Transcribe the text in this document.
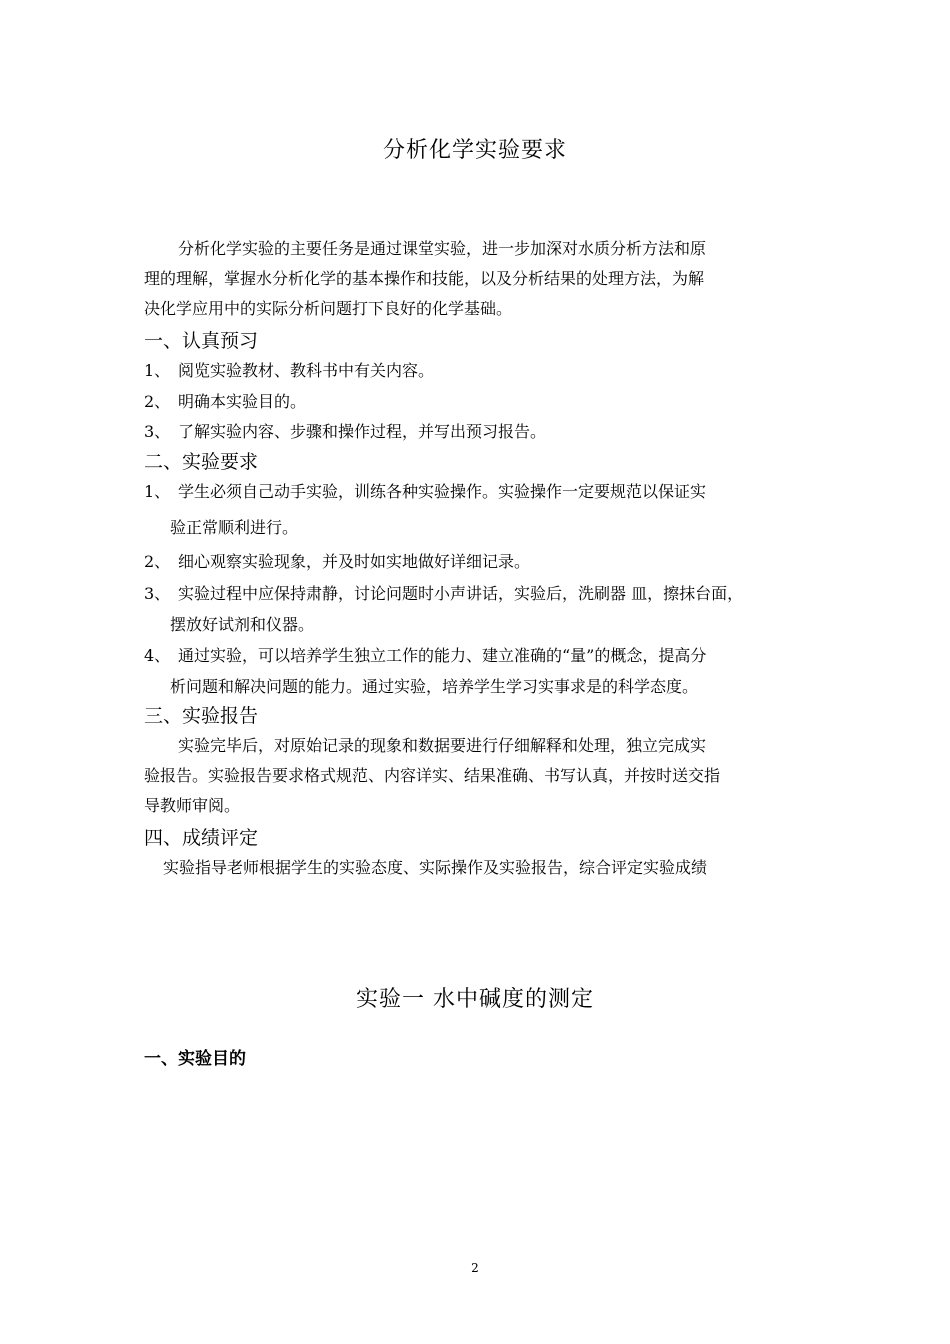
分析化学实验要求
分析化学实验的主要任务是通过课堂实验，进一步加深对水质分析方法和原
理的理解，掌握水分析化学的基本操作和技能，以及分析结果的处理方法，为解
决化学应用中的实际分析问题打下良好的化学基础。
一、认真预习
1、 阅览实验教材、教科书中有关内容。
2、 明确本实验目的。
3、 了解实验内容、步骤和操作过程，并写出预习报告。
二、实验要求
1、 学生必须自己动手实验，训练各种实验操作。实验操作一定要规范以保证实
验正常顺利进行。
2、 细心观察实验现象，并及时如实地做好详细记录。
3、 实验过程中应保持肃静，讨论问题时小声讲话，实验后，洗刷器 皿，擦抹台面，
摆放好试剂和仪器。
4、 通过实验，可以培养学生独立工作的能力、建立准确的“量”的概念，提高分
析问题和解决问题的能力。通过实验，培养学生学习实事求是的科学态度。
三、实验报告
实验完毕后，对原始记录的现象和数据要进行仔细解释和处理，独立完成实
验报告。实验报告要求格式规范、内容详实、结果准确、书写认真，并按时送交指
导教师审阅。
四、成绩评定
实验指导老师根据学生的实验态度、实际操作及实验报告，综合评定实验成绩
实验一 水中碱度的测定
一、实验目的
2
